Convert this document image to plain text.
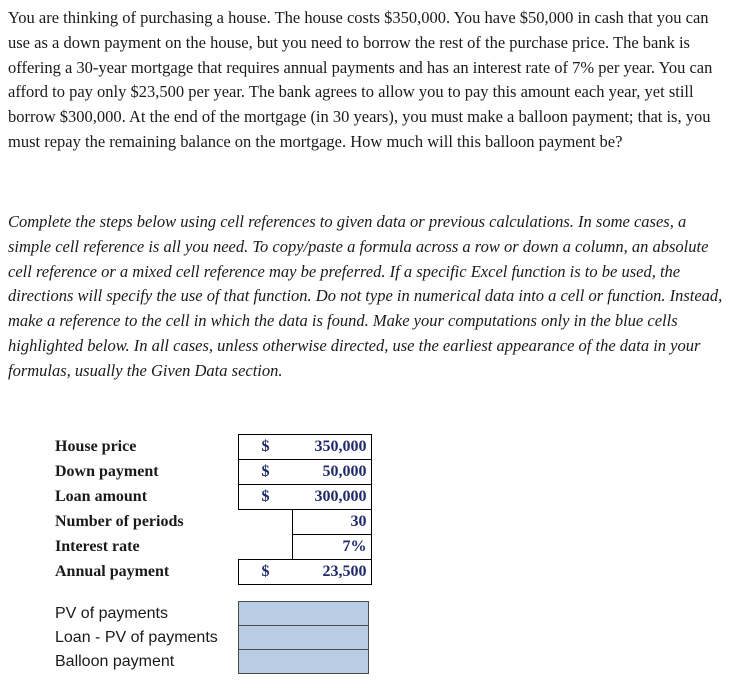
You are thinking of purchasing a house. The house costs $350,000. You have $50,000 in cash that you can use as a down payment on the house, but you need to borrow the rest of the purchase price. The bank is offering a 30-year mortgage that requires annual payments and has an interest rate of 7% per year. You can afford to pay only $23,500 per year. The bank agrees to allow you to pay this amount each year, yet still borrow $300,000. At the end of the mortgage (in 30 years), you must make a balloon payment; that is, you must repay the remaining balance on the mortgage. How much will this balloon payment be?

Complete the steps below using cell references to given data or previous calculations. In some cases, a simple cell reference is all you need. To copy/paste a formula across a row or down a column, an absolute cell reference or a mixed cell reference may be preferred. If a specific Excel function is to be used, the directions will specify the use of that function. Do not type in numerical data into a cell or function. Instead, make a reference to the cell in which the data is found. Make your computations only in the blue cells highlighted below. In all cases, unless otherwise directed, use the earliest appearance of the data in your formulas, usually the Given Data section.

House price	$	350,000
Down payment	$	50,000
Loan amount	$	300,000
Number of periods		30
Interest rate		7%
Annual payment	$	23,500
PV of payments	
Loan - PV of payments	
Balloon payment	
